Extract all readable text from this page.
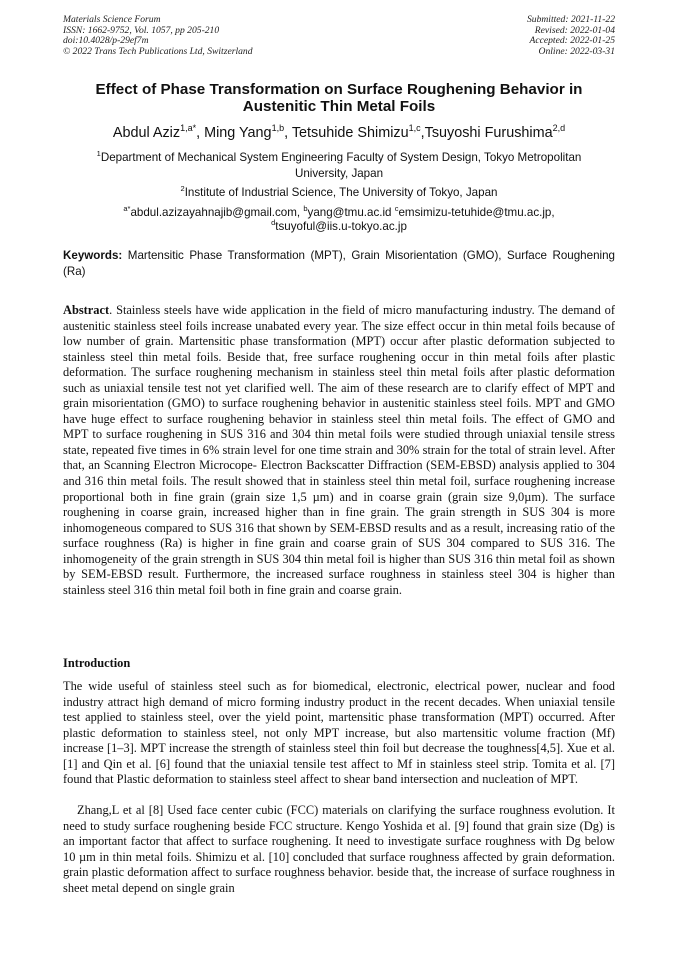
Materials Science Forum
ISSN: 1662-9752, Vol. 1057, pp 205-210
doi:10.4028/p-29ef7m
© 2022 Trans Tech Publications Ltd, Switzerland
Submitted: 2021-11-22
Revised: 2022-01-04
Accepted: 2022-01-25
Online: 2022-03-31
Effect of Phase Transformation on Surface Roughening Behavior in Austenitic Thin Metal Foils
Abdul Aziz$^{1,a*}$, Ming Yang$^{1,b}$, Tetsuhide Shimizu$^{1,c}$,Tsuyoshi Furushima$^{2,d}$
$^1$Department of Mechanical System Engineering Faculty of System Design, Tokyo Metropolitan University, Japan
$^2$Institute of Industrial Science, The University of Tokyo, Japan
$^{a*}$abdul.azizayahnajib@gmail.com, $^b$yang@tmu.ac.id $^c$emsimizu-tetuhide@tmu.ac.jp,
$^d$tsuyoful@iis.u-tokyo.ac.jp
Keywords: Martensitic Phase Transformation (MPT), Grain Misorientation (GMO), Surface Roughening (Ra)
Abstract. Stainless steels have wide application in the field of micro manufacturing industry. The demand of austenitic stainless steel foils increase unabated every year. The size effect occur in thin metal foils because of low number of grain. Martensitic phase transformation (MPT) occur after plastic deformation subjected to stainless steel thin metal foils. Beside that, free surface roughening occur in thin metal foils after plastic deformation. The surface roughening mechanism in stainless steel thin metal foils after plastic deformation such as uniaxial tensile test not yet clarified well. The aim of these research are to clarify effect of MPT and grain misorientation (GMO) to surface roughening behavior in austenitic stainless steel foils. MPT and GMO have huge effect to surface roughening behavior in stainless steel thin metal foils. The effect of GMO and MPT to surface roughening in SUS 316 and 304 thin metal foils were studied through uniaxial tensile stress state, repeated five times in 6% strain level for one time strain and 30% strain for the total of strain level. After that, an Scanning Electron Microcope- Electron Backscatter Diffraction (SEM-EBSD) analysis applied to 304 and 316 thin metal foils. The result showed that in stainless steel thin metal foil, surface roughening increase proportional both in fine grain (grain size 1,5 µm) and in coarse grain (grain size 9,0µm). The surface roughening in coarse grain, increased higher than in fine grain. The grain strength in SUS 304 is more inhomogeneous compared to SUS 316 that shown by SEM-EBSD results and as a result, increasing ratio of the surface roughness (Ra) is higher in fine grain and coarse grain of SUS 304 compared to SUS 316. The inhomogeneity of the grain strength in SUS 304 thin metal foil is higher than SUS 316 thin metal foil as shown by SEM-EBSD result. Furthermore, the increased surface roughness in stainless steel 304 is higher than stainless steel 316 thin metal foil both in fine grain and coarse grain.
Introduction
The wide useful of stainless steel such as for biomedical, electronic, electrical power, nuclear and food industry attract high demand of micro forming industry product in the recent decades. When uniaxial tensile test applied to stainless steel, over the yield point, martensitic phase transformation (MPT) occurred. After plastic deformation to stainless steel, not only MPT increase, but also martensitic volume fraction (Mf) increase [1–3]. MPT increase the strength of stainless steel thin foil but decrease the toughness[4,5]. Xue et al. [1] and Qin et al. [6] found that the uniaxial tensile test affect to Mf in stainless steel strip. Tomita et al. [7] found that Plastic deformation to stainless steel affect to shear band intersection and nucleation of MPT.
Zhang,L et al [8] Used face center cubic (FCC) materials on clarifying the surface roughness evolution. It need to study surface roughening beside FCC structure. Kengo Yoshida et al. [9] found that grain size (Dg) is an important factor that affect to surface roughening. It need to investigate surface roughness with Dg below 10 µm in thin metal foils. Shimizu et al. [10] concluded that surface roughness affected by grain deformation. grain plastic deformation affect to surface roughness behavior. beside that, the increase of surface roughness in sheet metal depend on single grain
